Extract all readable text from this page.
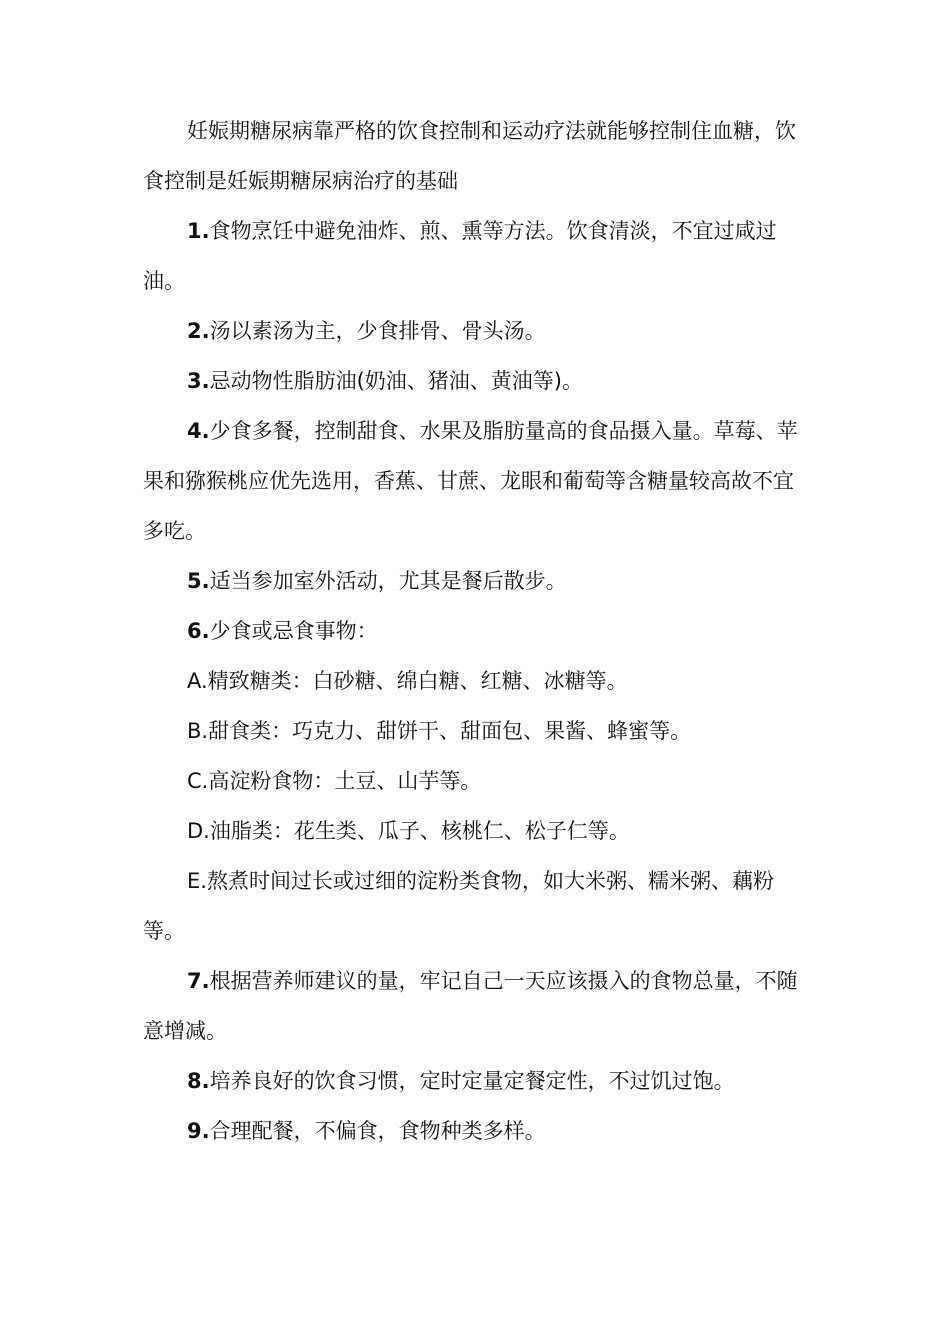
妊娠期糖尿病靠严格的饮食控制和运动疗法就能够控制住血糖，饮食控制是妊娠期糖尿病治疗的基础

1.食物烹饪中避免油炸、煎、熏等方法。饮食清淡，不宜过咸过油。

2.汤以素汤为主，少食排骨、骨头汤。

3.忌动物性脂肪油(奶油、猪油、黄油等)。

4.少食多餐，控制甜食、水果及脂肪量高的食品摄入量。草莓、苹果和猕猴桃应优先选用，香蕉、甘蔗、龙眼和葡萄等含糖量较高故不宜多吃。

5.适当参加室外活动，尤其是餐后散步。

6.少食或忌食事物：

A.精致糖类：白砂糖、绵白糖、红糖、冰糖等。

B.甜食类：巧克力、甜饼干、甜面包、果酱、蜂蜜等。

C.高淀粉食物：土豆、山芋等。

D.油脂类：花生类、瓜子、核桃仁、松子仁等。

E.熬煮时间过长或过细的淀粉类食物，如大米粥、糯米粥、藕粉等。

7.根据营养师建议的量，牢记自己一天应该摄入的食物总量，不随意增减。

8.培养良好的饮食习惯，定时定量定餐定性，不过饥过饱。

9.合理配餐，不偏食，食物种类多样。
